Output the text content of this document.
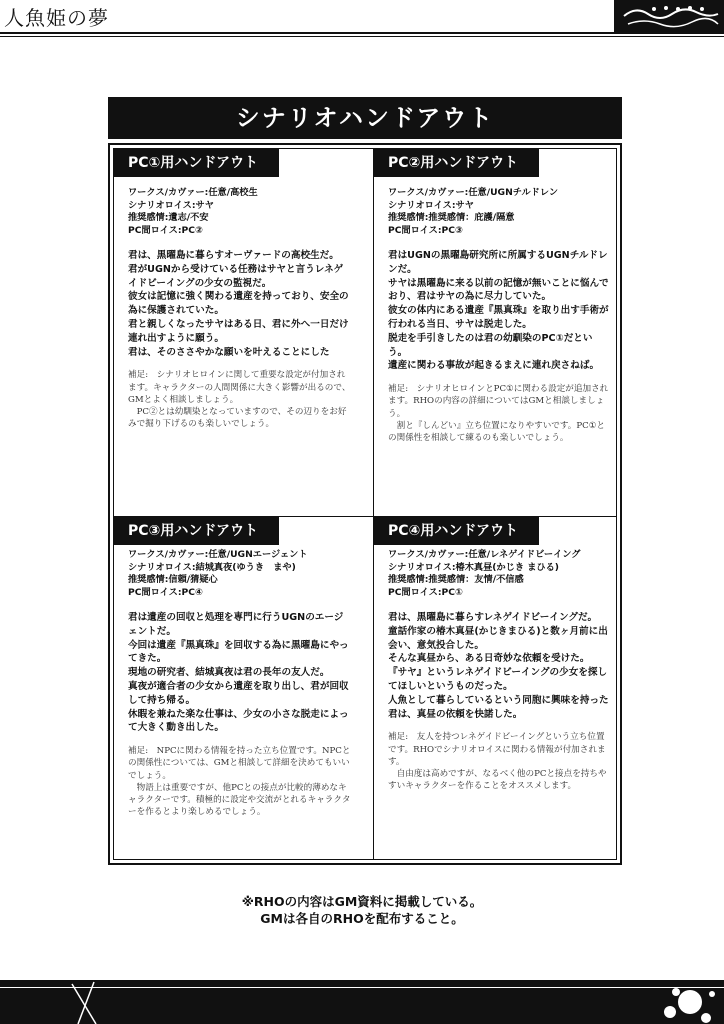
人魚姫の夢
シナリオハンドアウト
PC①用ハンドアウト

ワークス/カヴァー:任意/高校生

シナリオロイス:サヤ

推奨感情:遺志/不安

PC間ロイス:PC②

君は、黒曜島に暮らすオーヴァードの高校生だ。

君がUGNから受けている任務はサヤと言うレネゲイドビーイングの少女の監視だ。

彼女は記憶に強く関わる遺産を持っており、安全の為に保護されていた。

君と親しくなったサヤはある日、君に外へ一日だけ連れ出すように願う。

君は、そのささやかな願いを叶えることにした

補足:　シナリオヒロインに関して重要な設定が付加されます。キャラクターの人間関係に大きく影響が出るので、GMとよく相談しましょう。

　PC②とは幼馴染となっていますので、その辺りをお好みで掘り下げるのも楽しいでしょう。

PC②用ハンドアウト

ワークス/カヴァー:任意/UGNチルドレン

シナリオロイス:サヤ

推奨感情:推奨感情：庇護/隔意

PC間ロイス:PC③

君はUGNの黒曜島研究所に所属するUGNチルドレンだ。

サヤは黒曜島に来る以前の記憶が無いことに悩んでおり、君はサヤの為に尽力していた。

彼女の体内にある遺産『黒真珠』を取り出す手術が行われる当日、サヤは脱走した。

脱走を手引きしたのは君の幼馴染のPC①だという。

遺産に関わる事故が起きるまえに連れ戻さねば。

補足:　シナリオヒロインとPC①に関わる設定が追加されます。RHOの内容の詳細についてはGMと相談しましょう。

　割と『しんどい』立ち位置になりやすいです。PC①との関係性を相談して練るのも楽しいでしょう。

PC③用ハンドアウト

ワークス/カヴァー:任意/UGNエージェント

シナリオロイス:結城真夜(ゆうき　まや)

推奨感情:信頼/猜疑心

PC間ロイス:PC④

君は遺産の回収と処理を専門に行うUGNのエージェントだ。

今回は遺産『黒真珠』を回収する為に黒曜島にやってきた。

現地の研究者、結城真夜は君の長年の友人だ。

真夜が適合者の少女から遺産を取り出し、君が回収して持ち帰る。

休暇を兼ねた楽な仕事は、少女の小さな脱走によって大きく動き出した。

補足:　NPCに関わる情報を持った立ち位置です。NPCとの関係性については、GMと相談して詳細を決めてもいいでしょう。

　物語上は重要ですが、他PCとの接点が比較的薄めなキャラクターです。積極的に設定や交流がとれるキャラクターを作るとより楽しめるでしょう。

PC④用ハンドアウト

ワークス/カヴァー:任意/レネゲイドビーイング

シナリオロイス:椿木真昼(かじき まひる)

推奨感情:推奨感情：友情/不信感

PC間ロイス:PC①

君は、黒曜島に暮らすレネゲイドビーイングだ。

童話作家の椿木真昼(かじきまひる)と数ヶ月前に出会い、意気投合した。

そんな真昼から、ある日奇妙な依頼を受けた。

『サヤ』というレネゲイドビーイングの少女を探してほしいというものだった。

人魚として暮らしているという同胞に興味を持った君は、真昼の依頼を快諾した。

補足:　友人を持つレネゲイドビーイングという立ち位置です。RHOでシナリオロイスに関わる情報が付加されます。

　自由度は高めですが、なるべく他のPCと接点を持ちやすいキャラクターを作ることをオススメします。

※RHOの内容はGM資料に掲載している。

GMは各自のRHOを配布すること。
